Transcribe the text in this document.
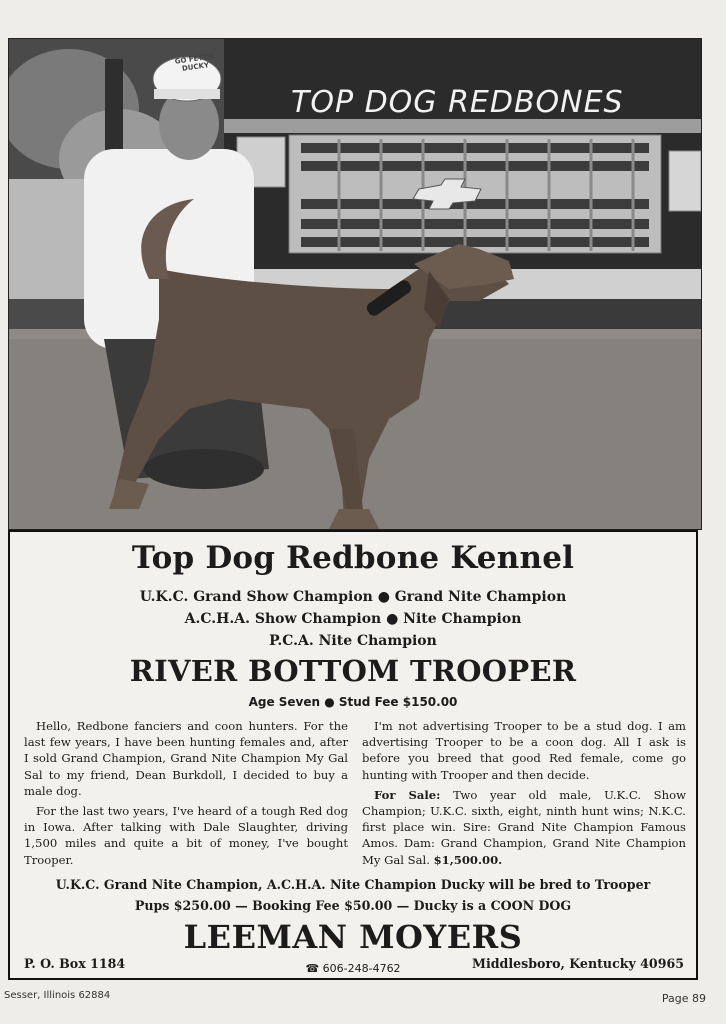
TOP DOG REDBONES
GO FETCH DUCKY
Top Dog Redbone Kennel
U.K.C. Grand Show Champion ● Grand Nite Champion
A.C.H.A. Show Champion ● Nite Champion
P.C.A. Nite Champion
RIVER BOTTOM TROOPER
Age Seven ● Stud Fee $150.00

Hello, Redbone fanciers and coon hunters. For the last few years, I have been hunting females and, after I sold Grand Champion, Grand Nite Champion My Gal Sal to my friend, Dean Burkdoll, I decided to buy a male dog.

For the last two years, I've heard of a tough Red dog in Iowa. After talking with Dale Slaughter, driving 1,500 miles and quite a bit of money, I've bought Trooper.

I'm not advertising Trooper to be a stud dog. I am advertising Trooper to be a coon dog. All I ask is before you breed that good Red female, come go hunting with Trooper and then decide.

For Sale: Two year old male, U.K.C. Show Champion; U.K.C. sixth, eight, ninth hunt wins; N.K.C. first place win. Sire: Grand Nite Champion Famous Amos. Dam: Grand Champion, Grand Nite Champion My Gal Sal. $1,500.00.

U.K.C. Grand Nite Champion, A.C.H.A. Nite Champion Ducky will be bred to Trooper
Pups $250.00 — Booking Fee $50.00 — Ducky is a COON DOG
LEEMAN MOYERS
P. O. Box 1184	☎ 606-248-4762	Middlesboro, Kentucky 40965
Sesser, Illinois 62884	Page 89
